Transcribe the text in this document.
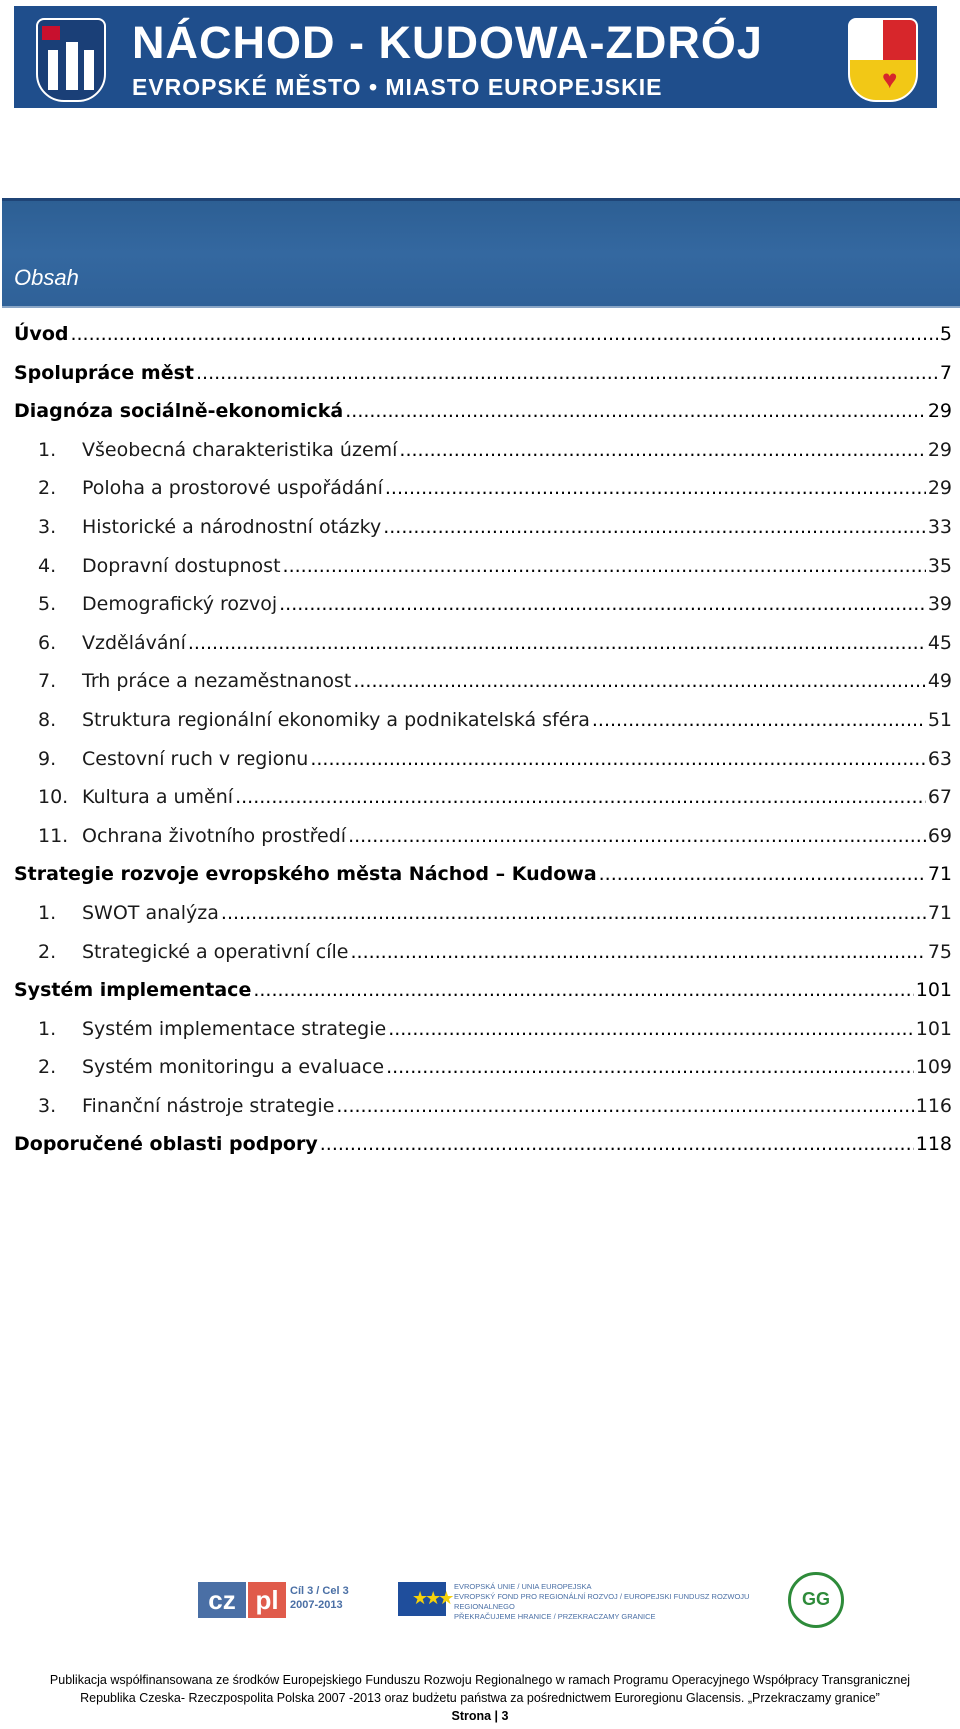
NÁCHOD - KUDOWA-ZDRÓJ
EVROPSKÉ MĚSTO • MIASTO EUROPEJSKIE	♥
Obsah
Úvod .....	5
Spolupráce měst .....	7
Diagnóza sociálně-ekonomická .....	29
1.	Všeobecná charakteristika území .....	29
2.	Poloha a prostorové uspořádání .....	29
3.	Historické a národnostní otázky .....	33
4.	Dopravní dostupnost .....	35
5.	Demografický rozvoj .....	39
6.	Vzdělávání .....	45
7.	Trh práce a nezaměstnanost .....	49
8.	Struktura regionální ekonomiky a podnikatelská sféra .....	51
9.	Cestovní ruch v regionu .....	63
10. Kultura a umění .....	67
11. Ochrana životního prostředí .....	69
Strategie rozvoje evropského města Náchod – Kudowa .....	71
1.	SWOT analýza .....	71
2.	Strategické a operativní cíle .....	75
Systém implementace .....	101
1.	Systém implementace strategie .....	101
2.	Systém monitoringu a evaluace .....	109
3.	Finanční nástroje strategie .....	116
Doporučené oblasti podpory .....	118
cz pl	Cíl 3 / Cel 3
2007-2013	★★★
EVROPSKÁ UNIE / UNIA EUROPEJSKA
EVROPSKÝ FOND PRO REGIONÁLNÍ ROZVOJ / EUROPEJSKI FUNDUSZ ROZWOJU REGIONALNEGO
PŘEKRAČUJEME HRANICE / PRZEKRACZAMY GRANICE
GG
Publikacja współfinansowana ze środków Europejskiego Funduszu Rozwoju Regionalnego w ramach Programu Operacyjnego Współpracy Transgranicznej
Republika Czeska- Rzeczpospolita Polska 2007 -2013 oraz budżetu państwa za pośrednictwem Euroregionu Glacensis. „Przekraczamy granice”
Strona | 3
